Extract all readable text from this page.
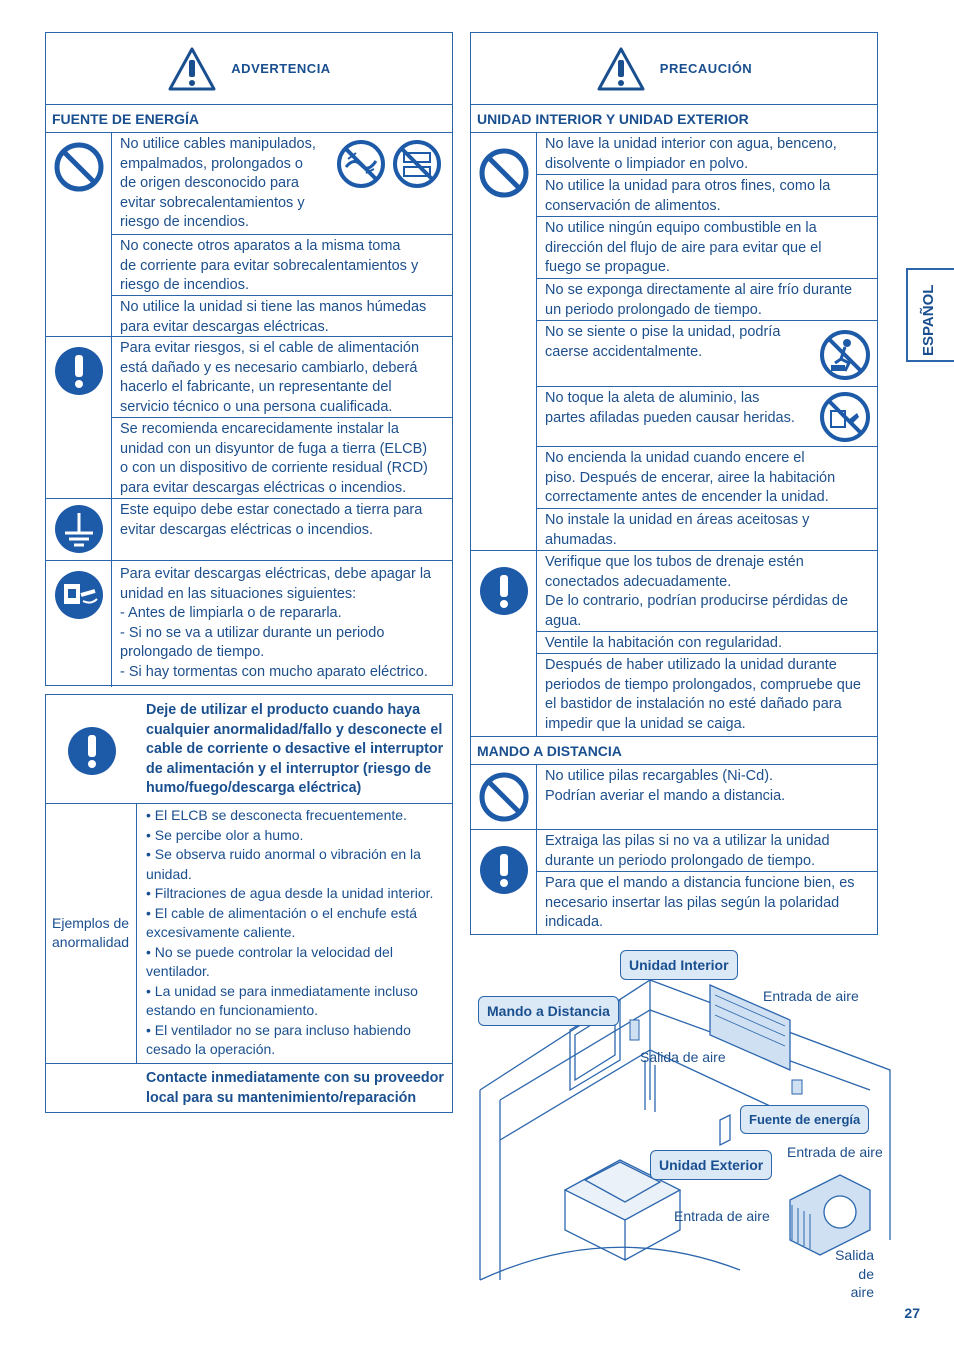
ADVERTENCIA
FUENTE DE ENERGÍA
No utilice cables manipulados,
empalmados, prolongados o
de origen desconocido para
evitar sobrecalentamientos y
riesgo de incendios.
No conecte otros aparatos a la misma toma
de corriente para evitar sobrecalentamientos y
riesgo de incendios.
No utilice la unidad si tiene las manos húmedas
para evitar descargas eléctricas.
Para evitar riesgos, si el cable de alimentación
está dañado y es necesario cambiarlo, deberá
hacerlo el fabricante, un representante del
servicio técnico o una persona cualificada.
Se recomienda encarecidamente instalar la
unidad con un disyuntor de fuga a tierra (ELCB)
o con un dispositivo de corriente residual (RCD)
para evitar descargas eléctricas o incendios.
Este equipo debe estar conectado a tierra para
evitar descargas eléctricas o incendios.
Para evitar descargas eléctricas, debe apagar la
unidad en las situaciones siguientes:
- Antes de limpiarla o de repararla.
- Si no se va a utilizar durante un periodo
prolongado de tiempo.
- Si hay tormentas con mucho aparato eléctrico.
Deje de utilizar el producto cuando haya
cualquier anormalidad/fallo y desconecte el
cable de corriente o desactive el interruptor
de alimentación y el interruptor (riesgo de
humo/fuego/descarga eléctrica)
Ejemplos de
anormalidad
• El ELCB se desconecta frecuentemente.
• Se percibe olor a humo.
• Se observa ruido anormal o vibración en la
unidad.
• Filtraciones de agua desde la unidad interior.
• El cable de alimentación o el enchufe está
excesivamente caliente.
• No se puede controlar la velocidad del
ventilador.
• La unidad se para inmediatamente incluso
estando en funcionamiento.
• El ventilador no se para incluso habiendo
cesado la operación.
Contacte inmediatamente con su proveedor
local para su mantenimiento/reparación
PRECAUCIÓN
UNIDAD INTERIOR Y UNIDAD EXTERIOR
No lave la unidad interior con agua, benceno,
disolvente o limpiador en polvo.
No utilice la unidad para otros fines, como la
conservación de alimentos.
No utilice ningún equipo combustible en la
dirección del flujo de aire para evitar que el
fuego se propague.
No se exponga directamente al aire frío durante
un periodo prolongado de tiempo.
No se siente o pise la unidad, podría
caerse accidentalmente.
No toque la aleta de aluminio, las
partes afiladas pueden causar heridas.
No encienda la unidad cuando encere el
piso. Después de encerar, airee la habitación
correctamente antes de encender la unidad.
No instale la unidad en áreas aceitosas y
ahumadas.
Verifique que los tubos de drenaje estén
conectados adecuadamente.
De lo contrario, podrían producirse pérdidas de
agua.
Ventile la habitación con regularidad.
Después de haber utilizado la unidad durante
periodos de tiempo prolongados, compruebe que
el bastidor de instalación no esté dañado para
impedir que la unidad se caiga.
MANDO A DISTANCIA
No utilice pilas recargables (Ni-Cd).
Podrían averiar el mando a distancia.
Extraiga las pilas si no va a utilizar la unidad
durante un periodo prolongado de tiempo.
Para que el mando a distancia funcione bien, es
necesario insertar las pilas según la polaridad
indicada.
ESPAÑOL
Unidad Interior
Mando a Distancia
Fuente de energía
Unidad Exterior
Entrada de aire
Salida de aire
Entrada de aire
Entrada de aire
Salida
de
aire
27
